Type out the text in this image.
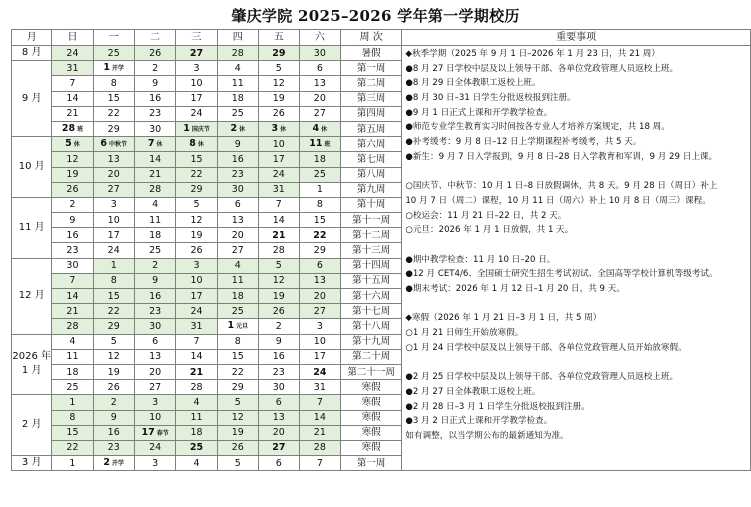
肇庆学院 2025–2026 学年第一学期校历
月	日	一	二	三	四	五	六	周 次	重要事项
8 月	24	25	26	27	28	29	30	暑假	◆秋季学期（2025 年 9 月 1 日–2026 年 1 月 23 日，共 21 周）
●8 月 27 日学校中层及以上领导干部、各单位党政管理人员返校上班。
●8 月 29 日全体教职工返校上班。
●8 月 30 日–31 日学生分批返校报到注册。
●9 月 1 日正式上课和开学教学检查。
●师范专业学生教育实习时间按各专业人才培养方案规定，共 18 周。
●补考缓考：9 月 8 日–12 日上学期课程补考缓考，共 5 天。
●新生：9 月 7 日入学报到，9 月 8 日–28 日入学教育和军训，9 月 29 日上课。
○国庆节、中秋节：10 月 1 日–8 日放假调休，共 8 天。9 月 28 日（周日）补上
10 月 7 日（周二）课程，10 月 11 日（周六）补上 10 月 8 日（周三）课程。
○校运会：11 月 21 日–22 日，共 2 天。
○元旦：2026 年 1 月 1 日放假，共 1 天。
●期中教学检查：11 月 10 日–20 日。
●12 月 CET4/6、全国硕士研究生招生考试初试、全国高等学校计算机等级考试。
●期末考试：2026 年 1 月 12 日–1 月 20 日，共 9 天。
◆寒假（2026 年 1 月 21 日–3 月 1 日，共 5 周）
○1 月 21 日师生开始放寒假。
○1 月 24 日学校中层及以上领导干部、各单位党政管理人员开始放寒假。
●2 月 25 日学校中层及以上领导干部、各单位党政管理人员返校上班。
●2 月 27 日全体教职工返校上班。
●2 月 28 日–3 月 1 日学生分批返校报到注册。
●3 月 2 日正式上课和开学教学检查。
如有调整，以当学期公布的最新通知为准。

9 月	31	1 开学	2	3	4	5	6	第一周	
	7	8	9	10	11	12	13	第二周	
	14	15	16	17	18	19	20	第三周	
	21	22	23	24	25	26	27	第四周	
	28 班	29	30	1 国庆节	2 休	3 休	4 休	第五周	
10 月	5 休	6 中秋节	7 休	8 休	9	10	11 班	第六周	
	12	13	14	15	16	17	18	第七周	
	19	20	21	22	23	24	25	第八周	
	26	27	28	29	30	31	1	第九周	
11 月	2	3	4	5	6	7	8	第十周	
	9	10	11	12	13	14	15	第十一周	
	16	17	18	19	20	21	22	第十二周	
	23	24	25	26	27	28	29	第十三周	
12 月	30	1	2	3	4	5	6	第十四周	
	7	8	9	10	11	12	13	第十五周	
	14	15	16	17	18	19	20	第十六周	
	21	22	23	24	25	26	27	第十七周	
	28	29	30	31	1 元旦	2	3	第十八周	
2026 年 1 月	4	5	6	7	8	9	10	第十九周	
	11	12	13	14	15	16	17	第二十周	
	18	19	20	21	22	23	24	第二十一周	
	25	26	27	28	29	30	31	寒假	
2 月	1	2	3	4	5	6	7	寒假	
	8	9	10	11	12	13	14	寒假	
	15	16	17 春节	18	19	20	21	寒假	
	22	23	24	25	26	27	28	寒假	
3 月	1	2 开学	3	4	5	6	7	第一周	
